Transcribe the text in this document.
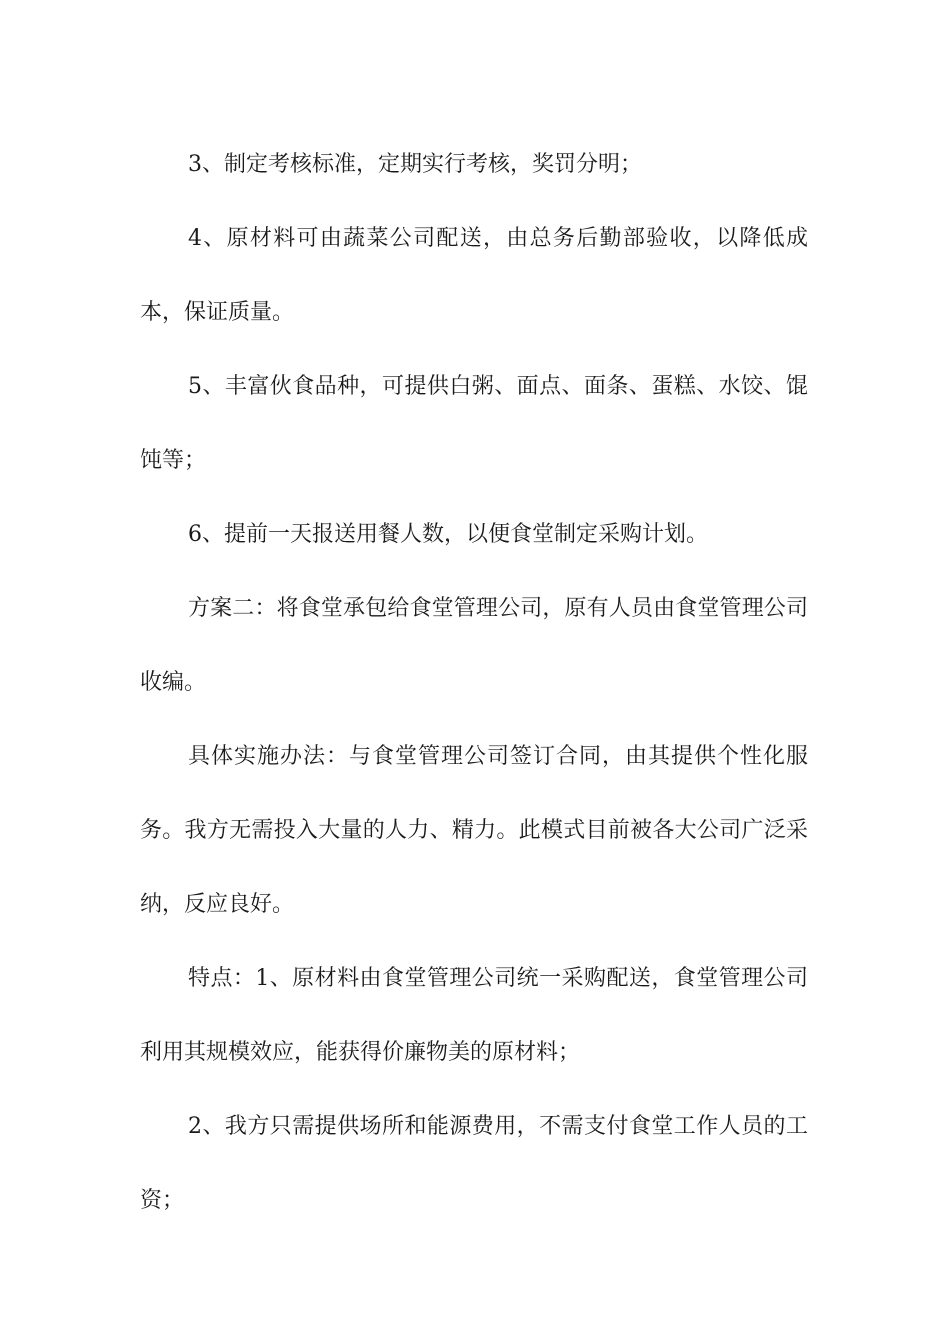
3、制定考核标准，定期实行考核，奖罚分明；

4、原材料可由蔬菜公司配送，由总务后勤部验收，以降低成本，保证质量。

5、丰富伙食品种，可提供白粥、面点、面条、蛋糕、水饺、馄饨等；

6、提前一天报送用餐人数，以便食堂制定采购计划。

方案二：将食堂承包给食堂管理公司，原有人员由食堂管理公司收编。

具体实施办法：与食堂管理公司签订合同，由其提供个性化服务。我方无需投入大量的人力、精力。此模式目前被各大公司广泛采纳，反应良好。

特点：1、原材料由食堂管理公司统一采购配送，食堂管理公司利用其规模效应，能获得价廉物美的原材料；

2、我方只需提供场所和能源费用，不需支付食堂工作人员的工资；
